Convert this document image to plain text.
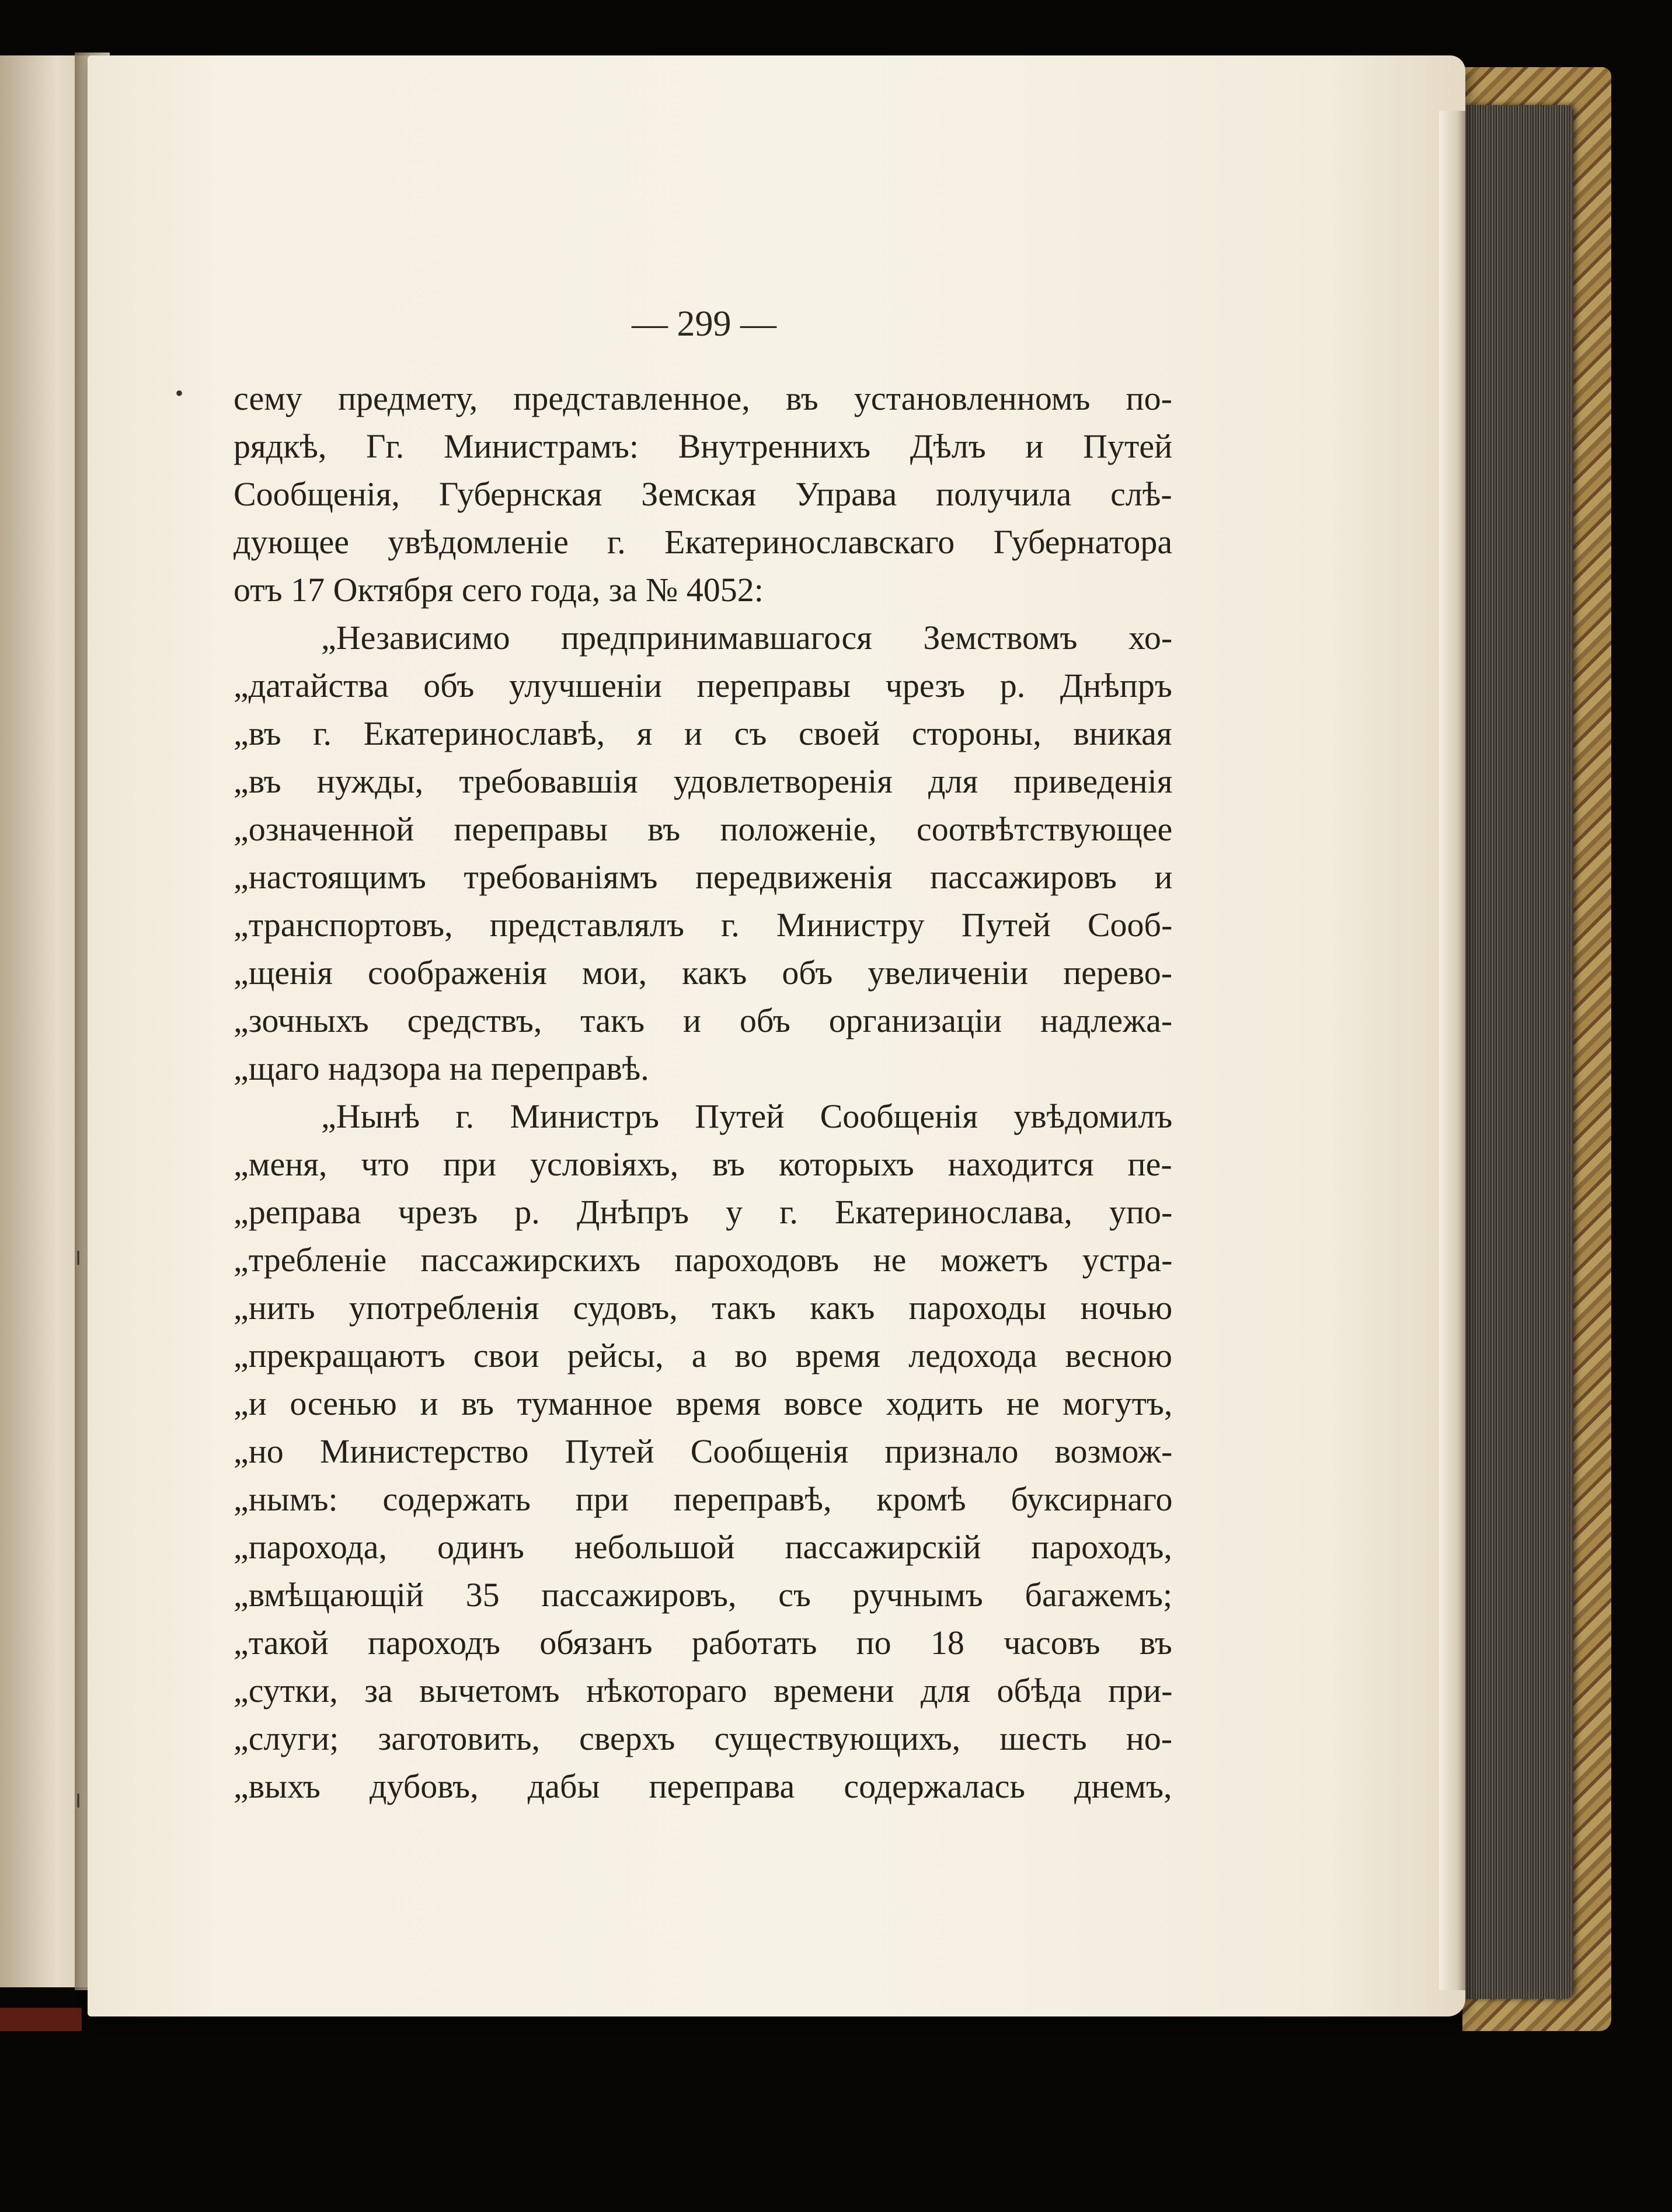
•
— 299 —
сему предмету, представленное, въ установленномъ по-
рядкѣ, Гг. Министрамъ: Внутреннихъ Дѣлъ и Путей
Сообщенія, Губернская Земская Управа получила слѣ-
дующее увѣдомленіе г. Екатеринославскаго Губернатора
отъ 17 Октября сего года, за № 4052:
„Независимо предпринимавшагося Земствомъ хо-
„датайства объ улучшеніи переправы чрезъ р. Днѣпръ
„въ г. Екатеринославѣ, я и съ своей стороны, вникая
„въ нужды, требовавшія удовлетворенія для приведенія
„означенной переправы въ положеніе, соотвѣтствующее
„настоящимъ требованіямъ передвиженія пассажировъ и
„транспортовъ, представлялъ г. Министру Путей Сооб-
„щенія соображенія мои, какъ объ увеличеніи перево-
„зочныхъ средствъ, такъ и объ организаціи надлежа-
„щаго надзора на переправѣ.
„Нынѣ г. Министръ Путей Сообщенія увѣдомилъ
„меня, что при условіяхъ, въ которыхъ находится пе-
„реправа чрезъ р. Днѣпръ у г. Екатеринослава, упо-
„требленіе пассажирскихъ пароходовъ не можетъ устра-
„нить употребленія судовъ, такъ какъ пароходы ночью
„прекращаютъ свои рейсы, а во время ледохода весною
„и осенью и въ туманное время вовсе ходить не могутъ,
„но Министерство Путей Сообщенія признало возмож-
„нымъ: содержать при переправѣ, кромѣ буксирнаго
„парохода, одинъ небольшой пассажирскій пароходъ,
„вмѣщающій 35 пассажировъ, съ ручнымъ багажемъ;
„такой пароходъ обязанъ работать по 18 часовъ въ
„сутки, за вычетомъ нѣкотораго времени для обѣда при-
„слуги; заготовить, сверхъ существующихъ, шесть но-
„выхъ дубовъ, дабы переправа содержалась днемъ,
╷
╷
